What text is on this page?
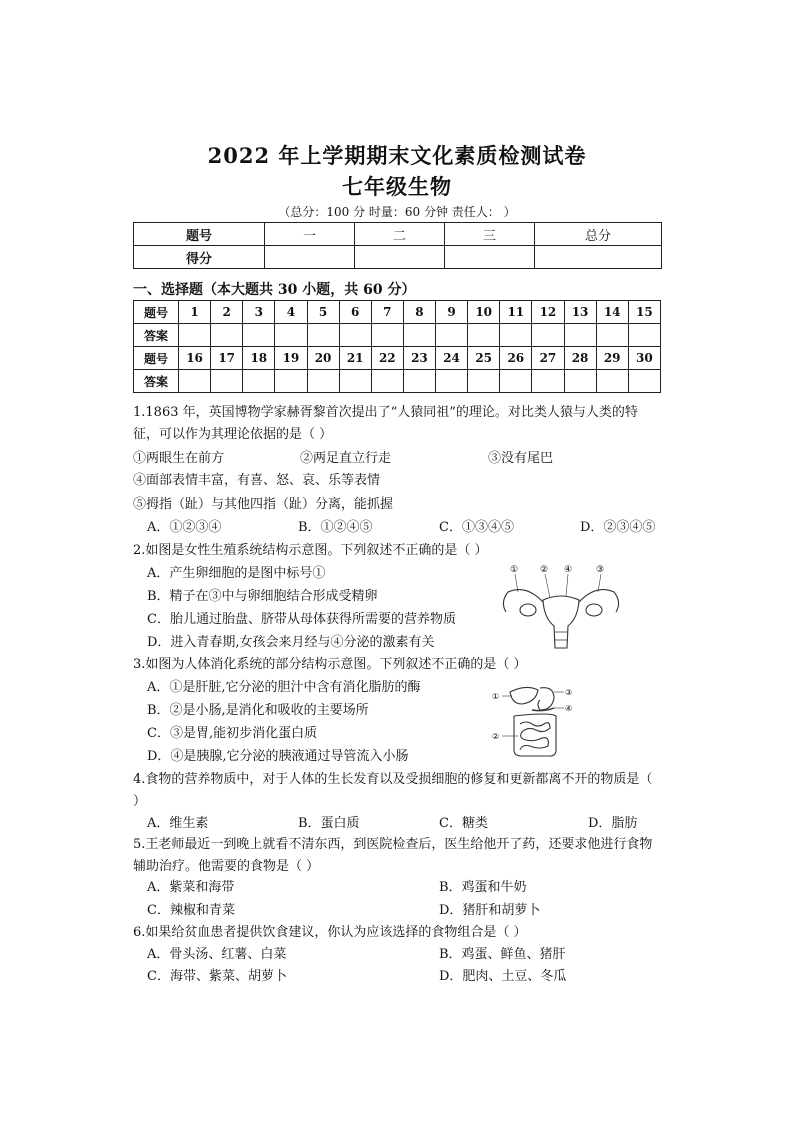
2022 年上学期期末文化素质检测试卷
七年级生物
（总分：100 分 时量：60 分钟 责任人： ）
题号	一	二	三	总分
得分				
一、选择题（本大题共 30 小题，共 60 分）
题号	1	2	3	4	5	6	7	8	9	10	11	12	13	14	15
答案															
题号	16	17	18	19	20	21	22	23	24	25	26	27	28	29	30
答案															
1.1863 年，英国博物学家赫胥黎首次提出了“人猿同祖”的理论。对比类人猿与人类的特征，可以作为其理论依据的是（ ）
①两眼生在前方	②两足直立行走	③没有尾巴
④面部表情丰富，有喜、怒、哀、乐等表情
⑤拇指（趾）与其他四指（趾）分离，能抓握
A．①②③④	B．①②④⑤	C．①③④⑤	D．②③④⑤
2.如图是女性生殖系统结构示意图。下列叙述不正确的是（ ）
A．产生卵细胞的是图中标号①
B．精子在③中与卵细胞结合形成受精卵
C．胎儿通过胎盘、脐带从母体获得所需要的营养物质
D．进入青春期,女孩会来月经与④分泌的激素有关
① ② ④	③
3.如图为人体消化系统的部分结构示意图。下列叙述不正确的是（ ）
A．①是肝脏,它分泌的胆汁中含有消化脂肪的酶
B．②是小肠,是消化和吸收的主要场所
C．③是胃,能初步消化蛋白质
D．④是胰腺,它分泌的胰液通过导管流入小肠
①	③
④
②
4.食物的营养物质中，对于人体的生长发育以及受损细胞的修复和更新都离不开的物质是（ ）
A．维生素	B．蛋白质	C．糖类	D．脂肪
5.王老师最近一到晚上就看不清东西，到医院检查后，医生给他开了药，还要求他进行食物辅助治疗。他需要的食物是（ ）
A．紫菜和海带	B．鸡蛋和牛奶
C．辣椒和青菜	D．猪肝和胡萝卜
6.如果给贫血患者提供饮食建议，你认为应该选择的食物组合是（ ）
A．骨头汤、红薯、白菜	B．鸡蛋、鲜鱼、猪肝
C．海带、紫菜、胡萝卜	D．肥肉、土豆、冬瓜
